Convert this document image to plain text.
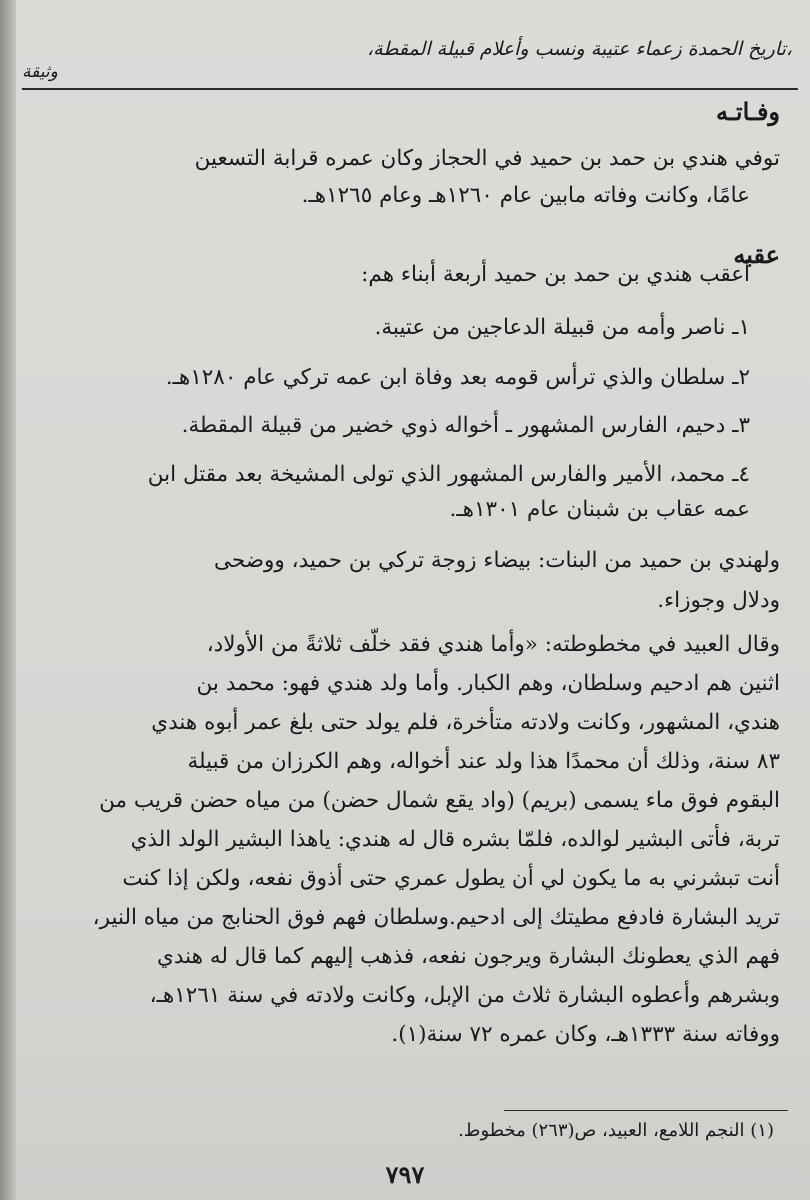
،تاريخ الحمدة زعماء عتيبة ونسب وأعلام قبيلة المقطة،
وثيقة
وفـاتـه
توفي هندي بن حمد بن حميد في الحجاز وكان عمره قرابة التسعين
عامًا، وكانت وفاته مابين عام ١٢٦٠هـ وعام ١٢٦٥هـ.
عقبه
أعقب هندي بن حمد بن حميد أربعة أبناء هم:
١ـ ناصر وأمه من قبيلة الدعاجين من عتيبة.
٢ـ سلطان والذي ترأس قومه بعد وفاة ابن عمه تركي عام ١٢٨٠هـ.
٣ـ دحيم، الفارس المشهور ـ أخواله ذوي خضير من قبيلة المقطة.
٤ـ محمد، الأمير والفارس المشهور الذي تولى المشيخة بعد مقتل ابن
عمه عقاب بن شبنان عام ١٣٠١هـ.
ولهندي بن حميد من البنات: بيضاء زوجة تركي بن حميد، ووضحى
ودلال وجوزاء.
وقال العبيد في مخطوطته: «وأما هندي فقد خلّف ثلاثةً من الأولاد،
اثنين هم ادحيم وسلطان، وهم الكبار. وأما ولد هندي فهو: محمد بن
هندي، المشهور، وكانت ولادته متأخرة، فلم يولد حتى بلغ عمر أبوه هندي
٨٣ سنة، وذلك أن محمدًا هذا ولد عند أخواله، وهم الكرزان من قبيلة
البقوم فوق ماء يسمى (بريم) (واد يقع شمال حضن) من مياه حضن قريب من
تربة، فأتى البشير لوالده، فلمّا بشره قال له هندي: ياهذا البشير الولد الذي
أنت تبشرني به ما يكون لي أن يطول عمري حتى أذوق نفعه، ولكن إذا كنت
تريد البشارة فادفع مطيتك إلى ادحيم.وسلطان فهم فوق الحنابج من مياه النير،
فهم الذي يعطونك البشارة ويرجون نفعه، فذهب إليهم كما قال له هندي
وبشرهم وأعطوه البشارة ثلاث من الإبل، وكانت ولادته في سنة ١٢٦١هـ،
ووفاته سنة ١٣٣٣هـ، وكان عمره ٧٢ سنة(١).
(١) النجم اللامع، العبيد، ص(٢٦٣) مخطوط.
٧٩٧
